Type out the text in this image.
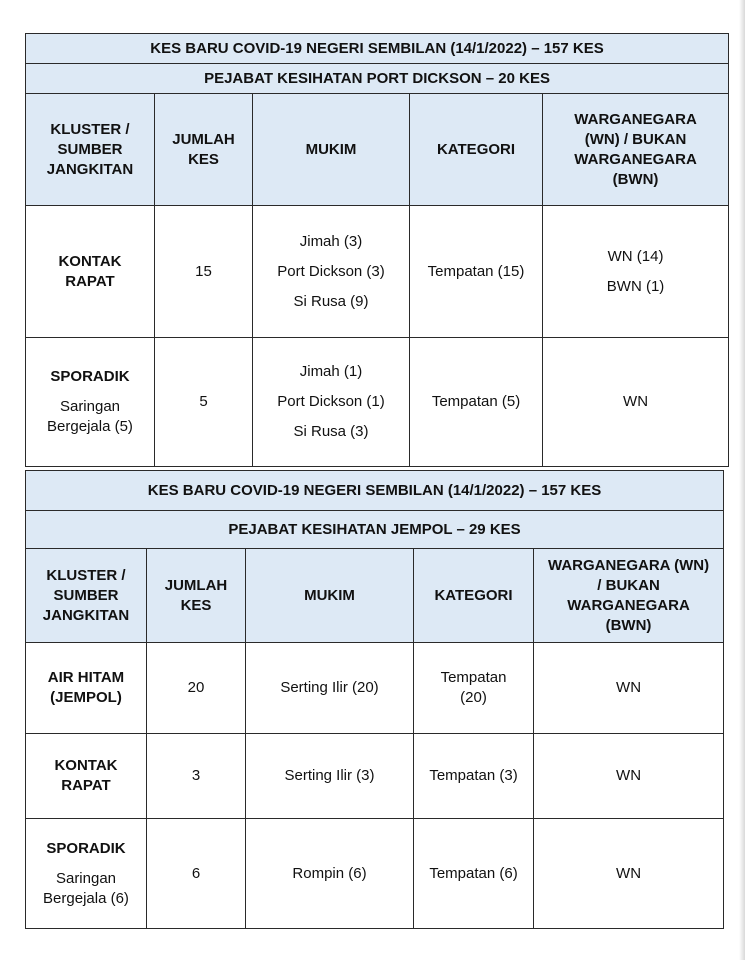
KES BARU COVID-19 NEGERI SEMBILAN (14/1/2022) – 157 KES				
PEJABAT KESIHATAN PORT DICKSON – 20 KES				

KLUSTER /
SUMBER
JANGKITAN	JUMLAH
KES	MUKIM	KATEGORI	WARGANEGARA
(WN) / BUKAN
WARGANEGARA
(BWN)

KONTAK
RAPAT	15	Jimah (3)
Port Dickson (3)
Si Rusa (9)	Tempatan (15)	WN (14)
BWN (1)

SPORADIK
Saringan
Bergejala (5)	5	Jimah (1)
Port Dickson (1)
Si Rusa (3)	Tempatan (5)	WN
KES BARU COVID-19 NEGERI SEMBILAN (14/1/2022) – 157 KES				
PEJABAT KESIHATAN JEMPOL – 29 KES				

KLUSTER /
SUMBER
JANGKITAN	JUMLAH
KES	MUKIM	KATEGORI	WARGANEGARA (WN)
/ BUKAN
WARGANEGARA
(BWN)

AIR HITAM
(JEMPOL)	20	Serting Ilir (20)	Tempatan
(20)	WN

KONTAK
RAPAT	3	Serting Ilir (3)	Tempatan (3)	WN

SPORADIK
Saringan
Bergejala (6)	6	Rompin (6)	Tempatan (6)	WN
